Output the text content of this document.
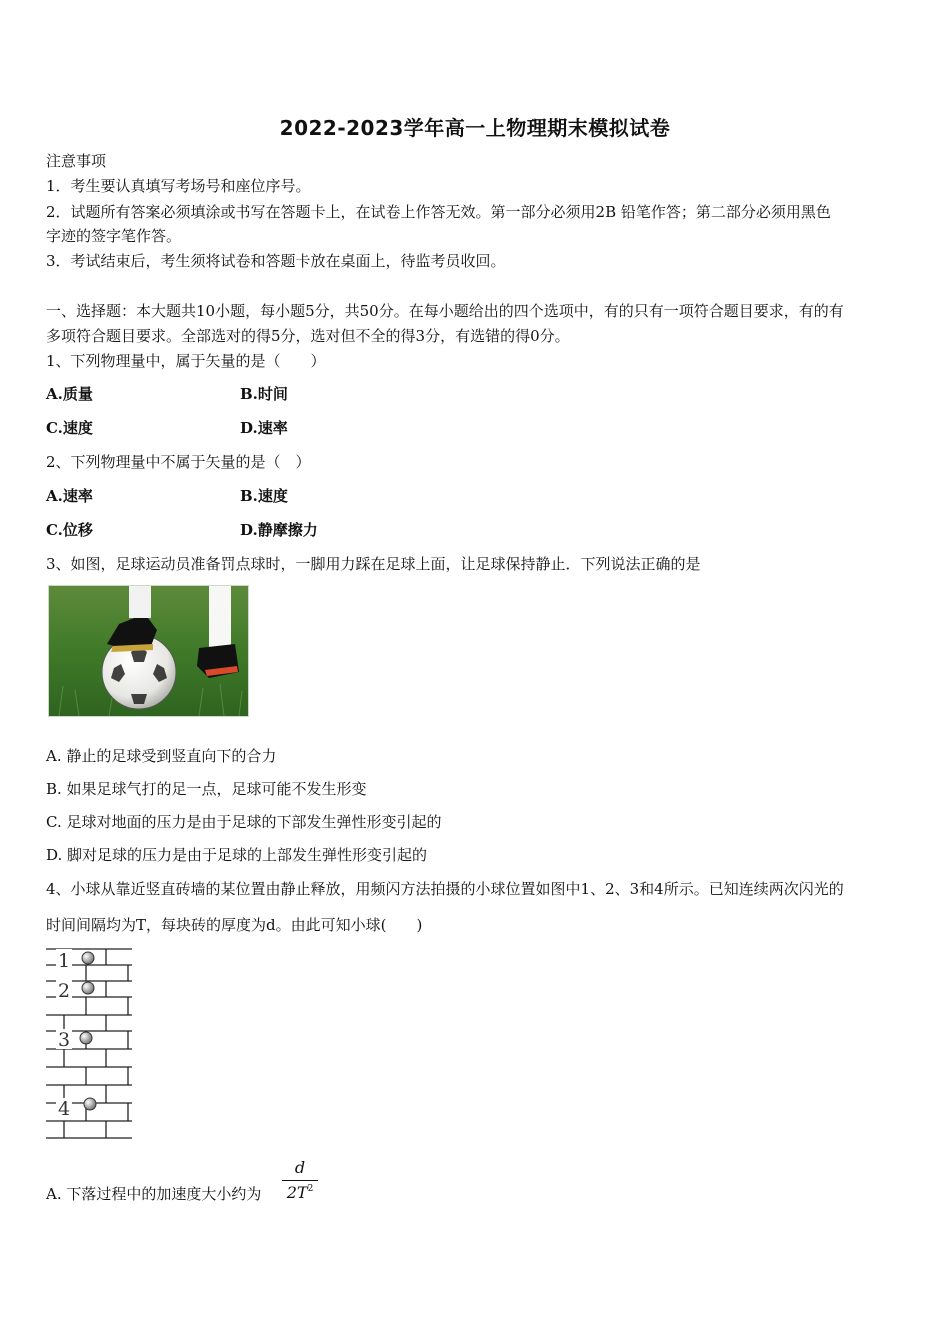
2022-2023学年高一上物理期末模拟试卷
注意事项
1．考生要认真填写考场号和座位序号。
2．试题所有答案必须填涂或书写在答题卡上，在试卷上作答无效。第一部分必须用2B 铅笔作答；第二部分必须用黑色
字迹的签字笔作答。
3．考试结束后，考生须将试卷和答题卡放在桌面上，待监考员收回。
一、选择题：本大题共10小题，每小题5分，共50分。在每小题给出的四个选项中，有的只有一项符合题目要求，有的有
多项符合题目要求。全部选对的得5分，选对但不全的得3分，有选错的得0分。
1、下列物理量中，属于矢量的是（　　）
A.质量	B.时间
C.速度	D.速率
2、下列物理量中不属于矢量的是（　）
A.速率	B.速度
C.位移	D.静摩擦力
3、如图，足球运动员准备罚点球时，一脚用力踩在足球上面，让足球保持静止．下列说法正确的是
A. 静止的足球受到竖直向下的合力
B. 如果足球气打的足一点，足球可能不发生形变
C. 足球对地面的压力是由于足球的下部发生弹性形变引起的
D. 脚对足球的压力是由于足球的上部发生弹性形变引起的
4、小球从靠近竖直砖墙的某位置由静止释放，用频闪方法拍摄的小球位置如图中1、2、3和4所示。已知连续两次闪光的
时间间隔均为T，每块砖的厚度为d。由此可知小球(　　)
1
2
3
4
A. 下落过程中的加速度大小约为
d
$2T^2$
